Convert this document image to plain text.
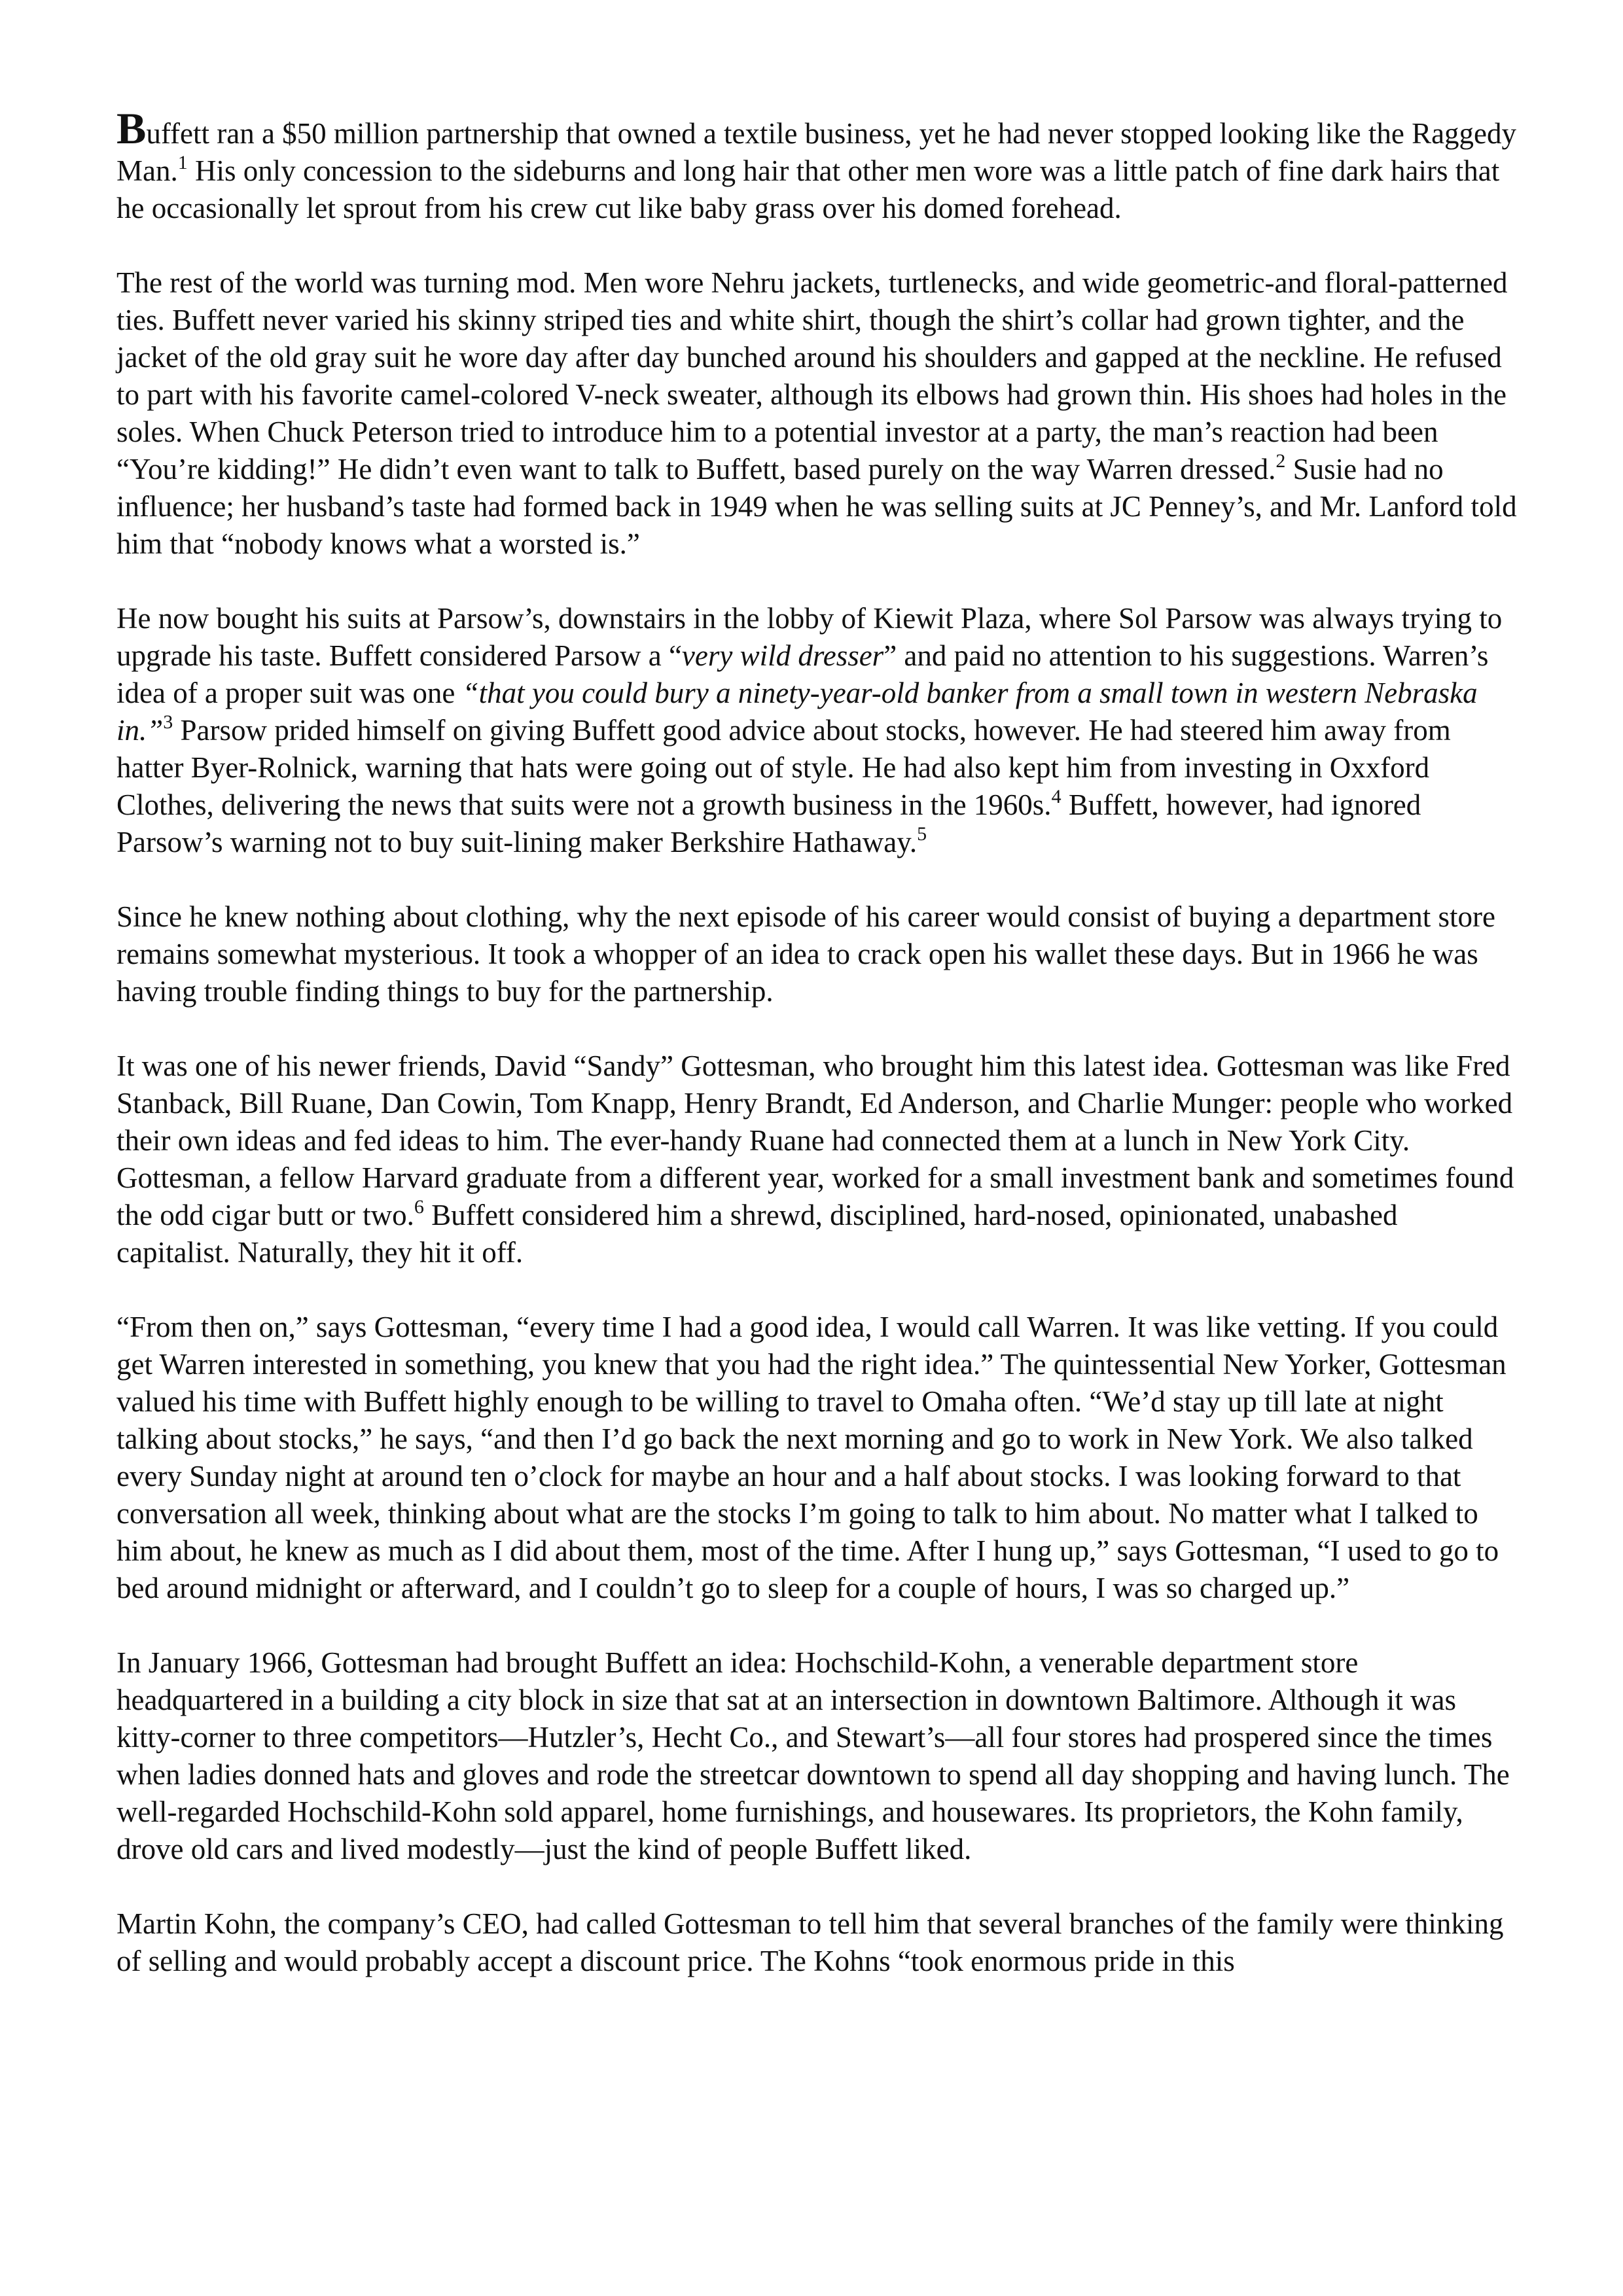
Buffett ran a $50 million partnership that owned a textile business, yet he had never stopped looking like the Raggedy Man.$^1$ His only concession to the sideburns and long hair that other men wore was a little patch of fine dark hairs that he occasionally let sprout from his crew cut like baby grass over his domed forehead.

The rest of the world was turning mod. Men wore Nehru jackets, turtlenecks, and wide geometric-and floral-patterned ties. Buffett never varied his skinny striped ties and white shirt, though the shirt’s collar had grown tighter, and the jacket of the old gray suit he wore day after day bunched around his shoulders and gapped at the neckline. He refused to part with his favorite camel-colored V-neck sweater, although its elbows had grown thin. His shoes had holes in the soles. When Chuck Peterson tried to introduce him to a potential investor at a party, the man’s reaction had been “You’re kidding!” He didn’t even want to talk to Buffett, based purely on the way Warren dressed.$^2$ Susie had no influence; her husband’s taste had formed back in 1949 when he was selling suits at JC Penney’s, and Mr. Lanford told him that “nobody knows what a worsted is.”

He now bought his suits at Parsow’s, downstairs in the lobby of Kiewit Plaza, where Sol Parsow was always trying to upgrade his taste. Buffett considered Parsow a “very wild dresser” and paid no attention to his suggestions. Warren’s idea of a proper suit was one “that you could bury a ninety-year-old banker from a small town in western Nebraska in.”$^3$ Parsow prided himself on giving Buffett good advice about stocks, however. He had steered him away from hatter Byer-Rolnick, warning that hats were going out of style. He had also kept him from investing in Oxxford Clothes, delivering the news that suits were not a growth business in the 1960s.$^4$ Buffett, however, had ignored Parsow’s warning not to buy suit-lining maker Berkshire Hathaway.$^5$

Since he knew nothing about clothing, why the next episode of his career would consist of buying a department store remains somewhat mysterious. It took a whopper of an idea to crack open his wallet these days. But in 1966 he was having trouble finding things to buy for the partnership.

It was one of his newer friends, David “Sandy” Gottesman, who brought him this latest idea. Gottesman was like Fred Stanback, Bill Ruane, Dan Cowin, Tom Knapp, Henry Brandt, Ed Anderson, and Charlie Munger: people who worked their own ideas and fed ideas to him. The ever-handy Ruane had connected them at a lunch in New York City. Gottesman, a fellow Harvard graduate from a different year, worked for a small investment bank and sometimes found the odd cigar butt or two.$^6$ Buffett considered him a shrewd, disciplined, hard-nosed, opinionated, unabashed capitalist. Naturally, they hit it off.

“From then on,” says Gottesman, “every time I had a good idea, I would call Warren. It was like vetting. If you could get Warren interested in something, you knew that you had the right idea.” The quintessential New Yorker, Gottesman valued his time with Buffett highly enough to be willing to travel to Omaha often. “We’d stay up till late at night talking about stocks,” he says, “and then I’d go back the next morning and go to work in New York. We also talked every Sunday night at around ten o’clock for maybe an hour and a half about stocks. I was looking forward to that conversation all week, thinking about what are the stocks I’m going to talk to him about. No matter what I talked to him about, he knew as much as I did about them, most of the time. After I hung up,” says Gottesman, “I used to go to bed around midnight or afterward, and I couldn’t go to sleep for a couple of hours, I was so charged up.”

In January 1966, Gottesman had brought Buffett an idea: Hochschild-Kohn, a venerable department store headquartered in a building a city block in size that sat at an intersection in downtown Baltimore. Although it was kitty-corner to three competitors—Hutzler’s, Hecht Co., and Stewart’s—all four stores had prospered since the times when ladies donned hats and gloves and rode the streetcar downtown to spend all day shopping and having lunch. The well-regarded Hochschild-Kohn sold apparel, home furnishings, and housewares. Its proprietors, the Kohn family, drove old cars and lived modestly—just the kind of people Buffett liked.

Martin Kohn, the company’s CEO, had called Gottesman to tell him that several branches of the family were thinking of selling and would probably accept a discount price. The Kohns “took enormous pride in this
